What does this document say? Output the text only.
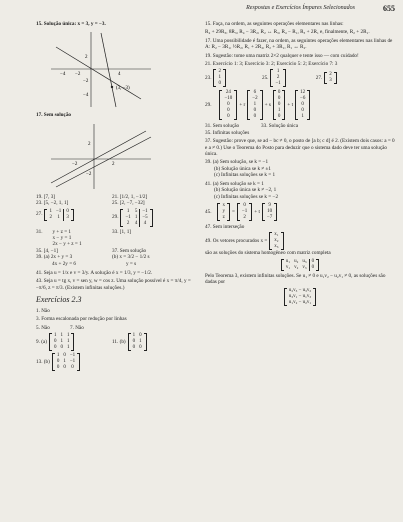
Respostas e Exercícios Ímpares Selecionados	655
15. Solução única: x = 3, y = −3.
4
−2
−4
2
−2
−4
(3, −3)
17. Sem solução
2
−2
2
−2
19. [7, 3]	21. [1/2, 1, −1/2]
23. [5, −2, 1, 1]	25. [2, −7, −32]
27.
1	−1	0
2	1	3	29.
1	5	−1
−1	1	−5
2	4	4
31. y + z = 1
x − y = 1
2x − y + z = 1
33. [1, 1]
35. [4, −1]	37. Sem solução
39. (a) 2x + y = 3
4x + 2y = 6
(b) x = 3/2 − 1/2 s
y = s
41. Seja u = 1/x e v = 3/y. A solução é x = 1/3, y = −1/2.
43. Seja u = tg x, v = sen y, w = cos z. Uma solução possível é x = π/4, y = −π/6, z = π/3. (Existem infinitas soluções.)
Exercícios 2.3
1. Não
3. Forma escalonada por redução por linhas
5. Não	7. Não
9. (a)
1	1	1
0	1	1
0	0	1
11. (b)
1	0
0	1
0	0
13. (b)
1	0	−1
0	1	−1
0	0	0
15. Faça, na ordem, as seguintes operações elementares nas linhas:
R₄ + 29R₃, 8R₃, R₄ − 3R₂, R₂ ↔ R₃, R₄ − R₁, R₃ + 2R₁ e, finalmente, R₂ + 2R₁.
17. Uma possibilidade é fazer, na ordem, as seguintes operações elementares nas linhas de A: R₂ − 3R₁, ½R₂, R₁ + 2R₂, R₂ + 3R₁, R₁ ↔ R₂.
19. Sugestão: tome uma matriz 2×2 qualquer e tente isso — com cuidado!
21. Exercício 1: 3; Exercício 3: 2; Exercício 5: 2; Exercício 7: 3
23.
2
1
0
25.
1
2
−1
27.
2
3
29.
24
−10
0
0
0
+ r
6
−2
1
0
0
+ s
0
0
0
1
0
+ t
12
−6
0
0
1
31. Sem solução	33. Solução única
35. Infinitas soluções
37. Sugestão: prove que, se ad − bc ≠ 0, o posto de [a b; c d] é 2. (Existem dois casos: a = 0 e a ≠ 0.) Use o Teorema do Posto para deduzir que o sistema dado deve ter uma solução única.
39. (a) Sem solução, se k = −1
(b) Solução única se k ≠ ±1
(c) Infinitas soluções se k = 1
41. (a) Sem solução se k = 1
(b) Solução única se k ≠ −2, 1
(c) Infinitas soluções se k = −2
45.
x
y
z
=
0
−1
2
+ t
9
10
−7
47. Sem interseção
49. Os vetores procurados x =
x₁
x₂
x₃
são as soluções do sistema homogêneo com matriz completa
u₁	u₂	u₃	0
v₁	v₂	v₃	0
Pelo Teorema 3, existem infinitas soluções. Se u₁ ≠ 0 e u₁v₂ − u₂v₁ ≠ 0, as soluções são dadas por
u₂v₃ − u₃v₂
u₃v₁ − u₁v₃
u₁v₂ − u₂v₁
